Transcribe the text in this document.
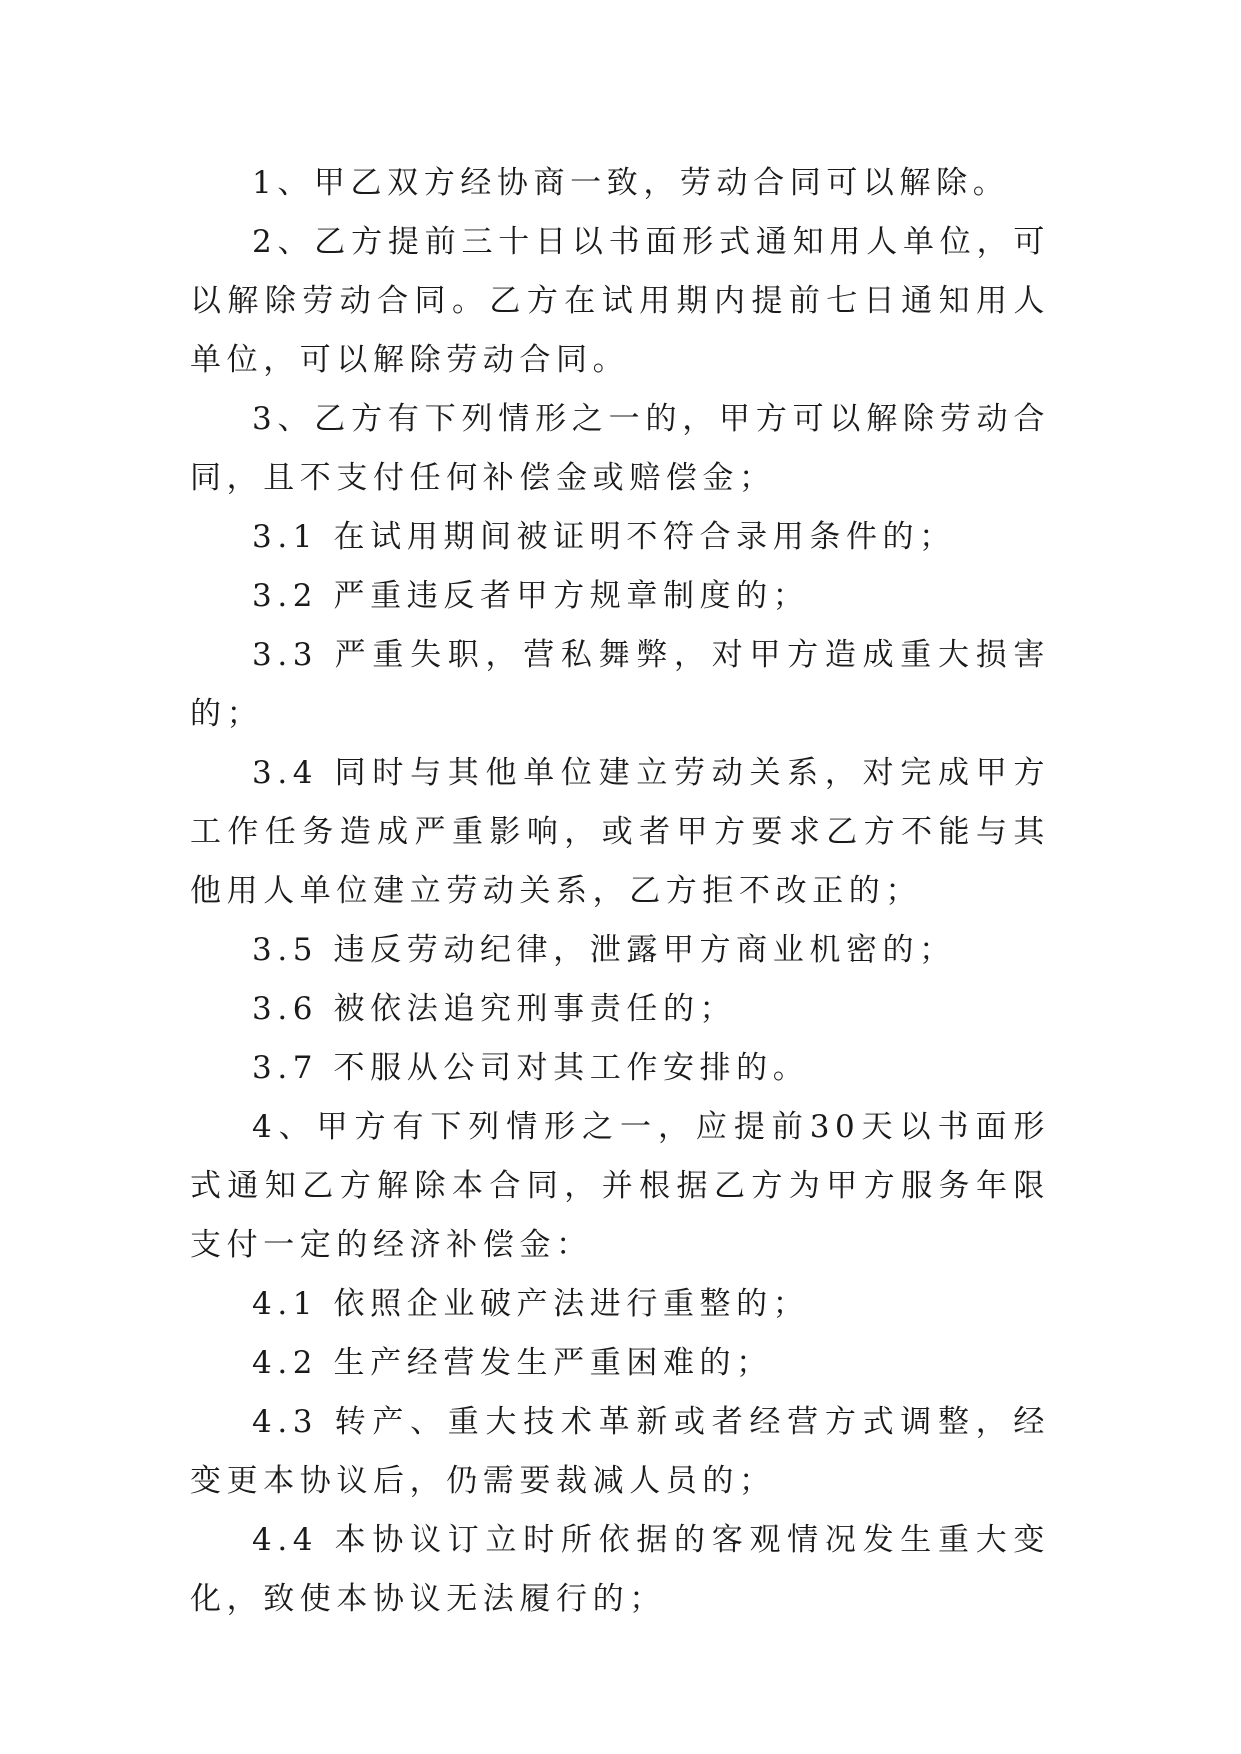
1、甲乙双方经协商一致，劳动合同可以解除。

2、乙方提前三十日以书面形式通知用人单位，可以解除劳动合同。乙方在试用期内提前七日通知用人单位，可以解除劳动合同。

3、乙方有下列情形之一的，甲方可以解除劳动合同，且不支付任何补偿金或赔偿金；

3.1 在试用期间被证明不符合录用条件的；

3.2 严重违反者甲方规章制度的；

3.3 严重失职，营私舞弊，对甲方造成重大损害的；

3.4 同时与其他单位建立劳动关系，对完成甲方工作任务造成严重影响，或者甲方要求乙方不能与其他用人单位建立劳动关系，乙方拒不改正的；

3.5 违反劳动纪律，泄露甲方商业机密的；

3.6 被依法追究刑事责任的；

3.7 不服从公司对其工作安排的。

4、甲方有下列情形之一，应提前30天以书面形式通知乙方解除本合同，并根据乙方为甲方服务年限支付一定的经济补偿金：

4.1 依照企业破产法进行重整的；

4.2 生产经营发生严重困难的；

4.3 转产、重大技术革新或者经营方式调整，经变更本协议后，仍需要裁减人员的；

4.4 本协议订立时所依据的客观情况发生重大变化，致使本协议无法履行的；
